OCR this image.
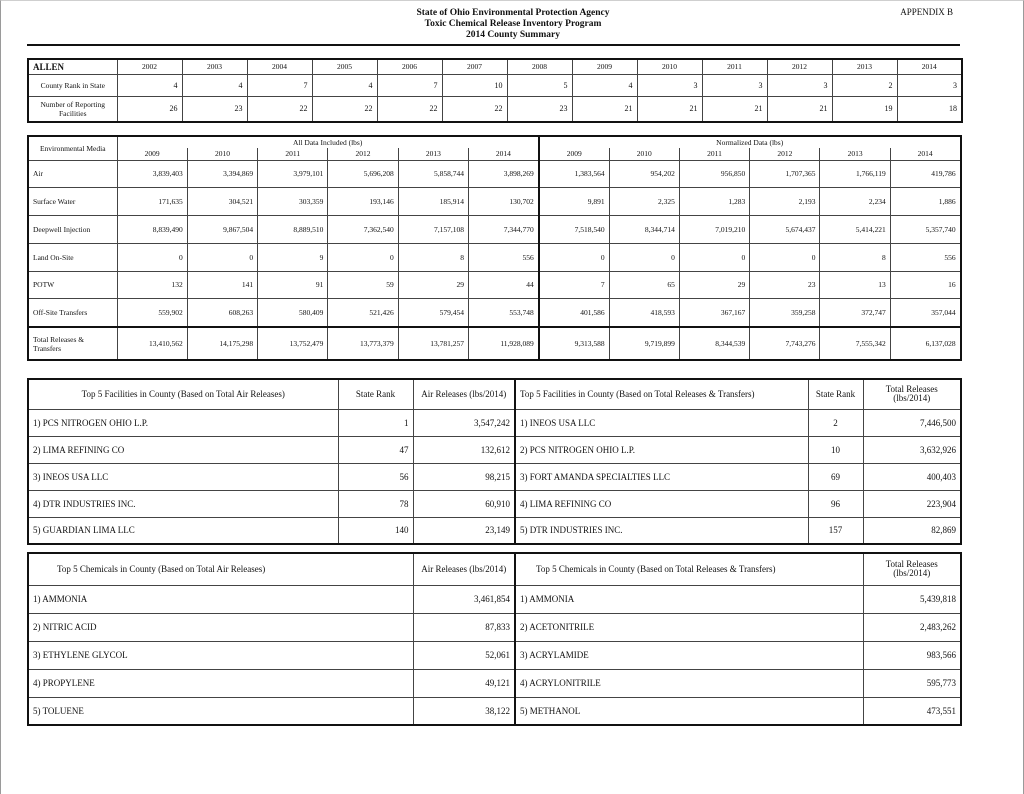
State of Ohio Environmental Protection Agency
Toxic Chemical Release Inventory Program
2014 County Summary
APPENDIX B
ALLEN	2002	2003	2004	2005	2006	2007	2008	2009	2010	2011	2012	2013	2014
County Rank in State	4	4	7	4	7	10	5	4	3	3	3	2	3
Number of Reporting Facilities	26	23	22	22	22	22	23	21	21	21	21	19	18
Environmental Media	All Data Included (lbs)						Normalized Data (lbs)					
	2009	2010	2011	2012	2013	2014	2009	2010	2011	2012	2013	2014
Air	3,839,403	3,394,869	3,979,101	5,696,208	5,858,744	3,898,269	1,383,564	954,202	956,850	1,707,365	1,766,119	419,786
Surface Water	171,635	304,521	303,359	193,146	185,914	130,702	9,891	2,325	1,283	2,193	2,234	1,886
Deepwell Injection	8,839,490	9,867,504	8,889,510	7,362,540	7,157,108	7,344,770	7,518,540	8,344,714	7,019,210	5,674,437	5,414,221	5,357,740
Land On-Site	0	0	9	0	8	556	0	0	0	0	8	556
POTW	132	141	91	59	29	44	7	65	29	23	13	16
Off-Site Transfers	559,902	608,263	580,409	521,426	579,454	553,748	401,586	418,593	367,167	359,258	372,747	357,044
Total Releases & Transfers	13,410,562	14,175,298	13,752,479	13,773,379	13,781,257	11,928,089	9,313,588	9,719,899	8,344,539	7,743,276	7,555,342	6,137,028
Top 5 Facilities in County (Based on Total Air Releases)	State Rank	Air Releases (lbs/2014)	Top 5 Facilities in County (Based on Total Releases & Transfers)	State Rank	Total Releases (lbs/2014)
1) PCS NITROGEN OHIO L.P.	1	3,547,242	1) INEOS USA LLC	2	7,446,500
2) LIMA REFINING CO	47	132,612	2) PCS NITROGEN OHIO L.P.	10	3,632,926
3) INEOS USA LLC	56	98,215	3) FORT AMANDA SPECIALTIES LLC	69	400,403
4) DTR INDUSTRIES INC.	78	60,910	4) LIMA REFINING CO	96	223,904
5) GUARDIAN LIMA LLC	140	23,149	5) DTR INDUSTRIES INC.	157	82,869
Top 5 Chemicals in County (Based on Total Air Releases)	Air Releases (lbs/2014)	Top 5 Chemicals in County (Based on Total Releases & Transfers)	Total Releases (lbs/2014)
1) AMMONIA	3,461,854	1) AMMONIA	5,439,818
2) NITRIC ACID	87,833	2) ACETONITRILE	2,483,262
3) ETHYLENE GLYCOL	52,061	3) ACRYLAMIDE	983,566
4) PROPYLENE	49,121	4) ACRYLONITRILE	595,773
5) TOLUENE	38,122	5) METHANOL	473,551
